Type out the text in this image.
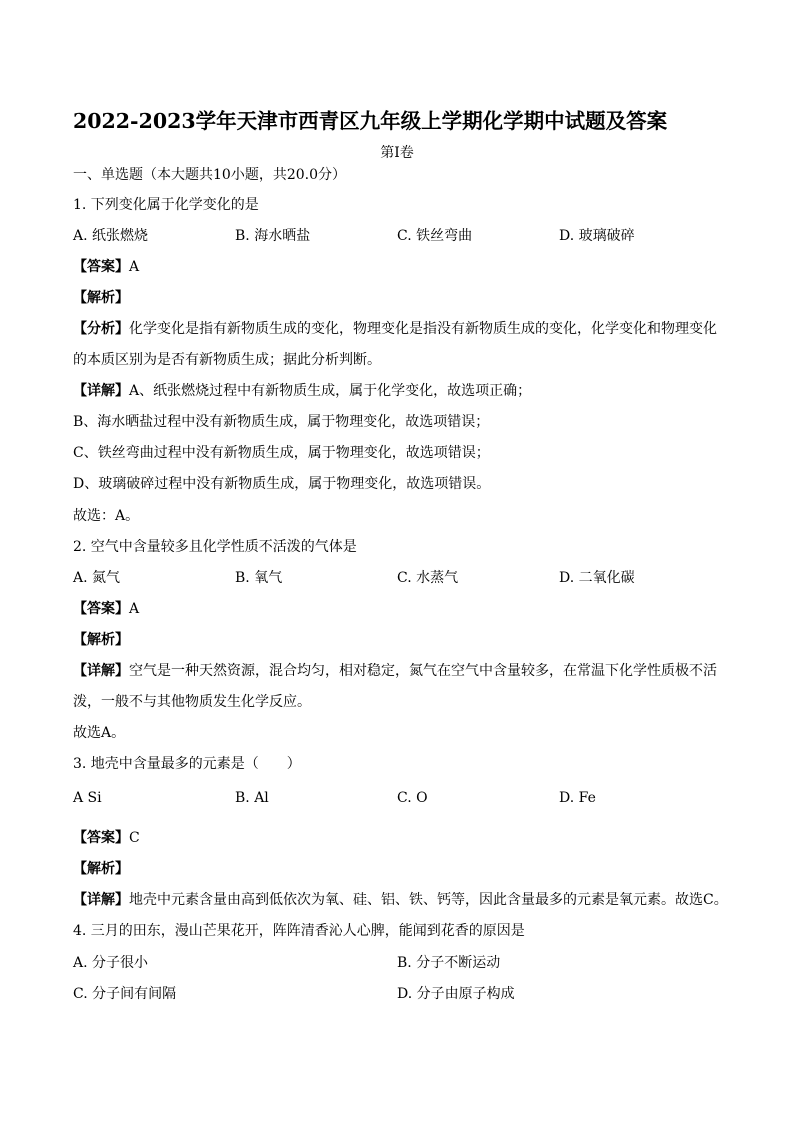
2022-2023学年天津市西青区九年级上学期化学期中试题及答案
第I卷
一、单选题（本大题共10小题，共20.0分）
1. 下列变化属于化学变化的是
A. 纸张燃烧	B. 海水晒盐	C. 铁丝弯曲	D. 玻璃破碎
【答案】A
【解析】
【分析】化学变化是指有新物质生成的变化，物理变化是指没有新物质生成的变化，化学变化和物理变化
的本质区别为是否有新物质生成；据此分析判断。
【详解】A、纸张燃烧过程中有新物质生成，属于化学变化，故选项正确；
B、海水晒盐过程中没有新物质生成，属于物理变化，故选项错误；
C、铁丝弯曲过程中没有新物质生成，属于物理变化，故选项错误；
D、玻璃破碎过程中没有新物质生成，属于物理变化，故选项错误。
故选：A。
2. 空气中含量较多且化学性质不活泼的气体是
A. 氮气	B. 氧气	C. 水蒸气	D. 二氧化碳
【答案】A
【解析】
【详解】空气是一种天然资源，混合均匀，相对稳定，氮气在空气中含量较多，在常温下化学性质极不活
泼，一般不与其他物质发生化学反应。
故选A。
3. 地壳中含量最多的元素是（　　）
A Si	B. Al	C. O	D. Fe
【答案】C
【解析】
【详解】地壳中元素含量由高到低依次为氧、硅、铝、铁、钙等，因此含量最多的元素是氧元素。故选C。
4. 三月的田东，漫山芒果花开，阵阵清香沁人心脾，能闻到花香的原因是
A. 分子很小	B. 分子不断运动
C. 分子间有间隔	D. 分子由原子构成
